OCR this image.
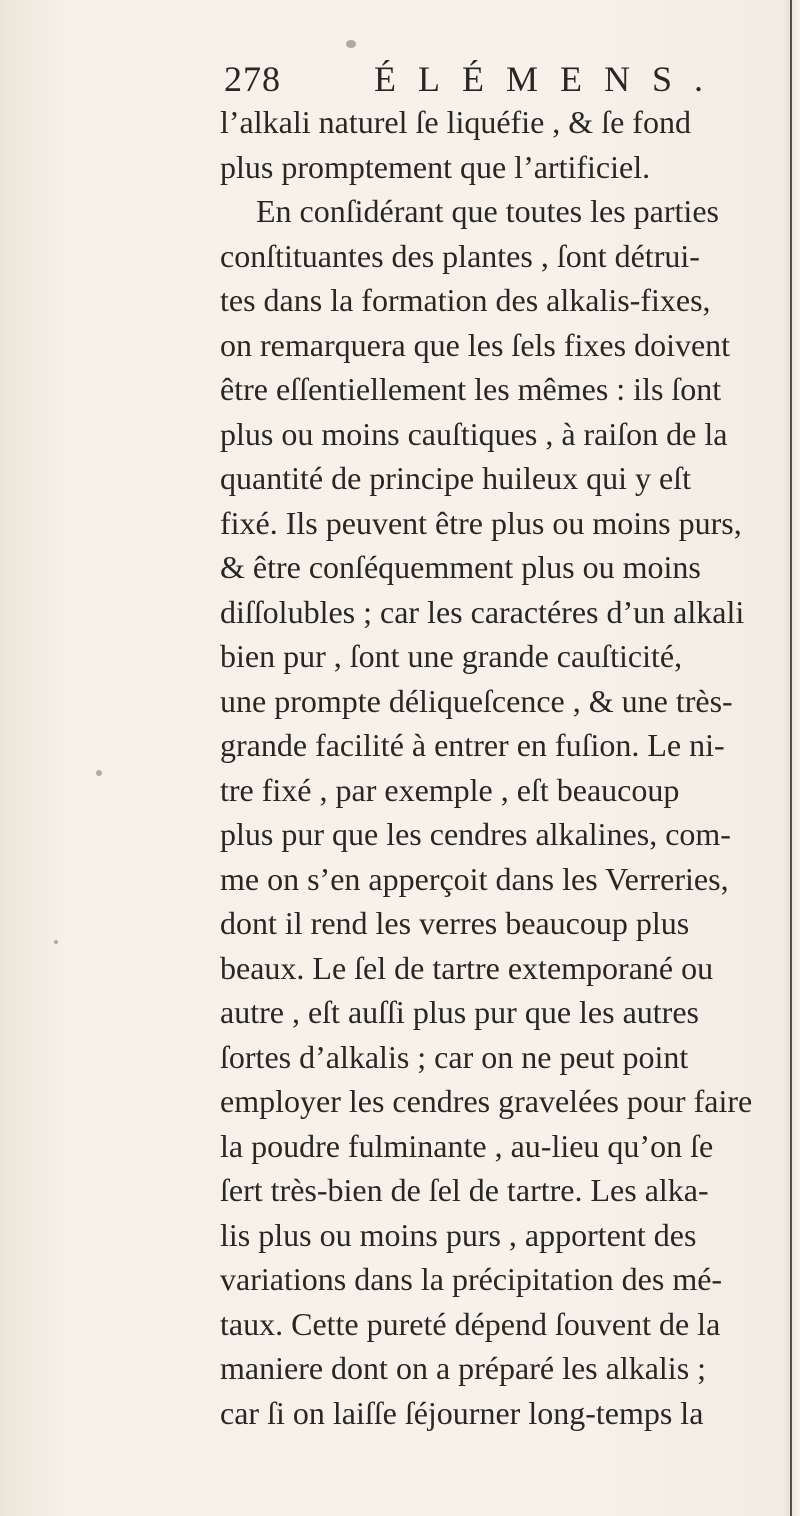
278	ÉLÉMENS.
l’alkali naturel ſe liquéfie , & ſe fond
plus promptement que l’artificiel.
En conſidérant que toutes les parties
conſtituantes des plantes , ſont détrui-
tes dans la formation des alkalis-fixes,
on remarquera que les ſels fixes doivent
être eſſentiellement les mêmes : ils ſont
plus ou moins cauſtiques , à raiſon de la
quantité de principe huileux qui y eſt
fixé. Ils peuvent être plus ou moins purs,
& être conſéquemment plus ou moins
diſſolubles ; car les caractéres d’un alkali
bien pur , ſont une grande cauſticité,
une prompte déliqueſcence , & une très-
grande facilité à entrer en fuſion. Le ni-
tre fixé , par exemple , eſt beaucoup
plus pur que les cendres alkalines, com-
me on s’en apperçoit dans les Verreries,
dont il rend les verres beaucoup plus
beaux. Le ſel de tartre extemporané ou
autre , eſt auſſi plus pur que les autres
ſortes d’alkalis ; car on ne peut point
employer les cendres gravelées pour faire
la poudre fulminante , au-lieu qu’on ſe
ſert très-bien de ſel de tartre. Les alka-
lis plus ou moins purs , apportent des
variations dans la précipitation des mé-
taux. Cette pureté dépend ſouvent de la
maniere dont on a préparé les alkalis ;
car ſi on laiſſe ſéjourner long-temps la
